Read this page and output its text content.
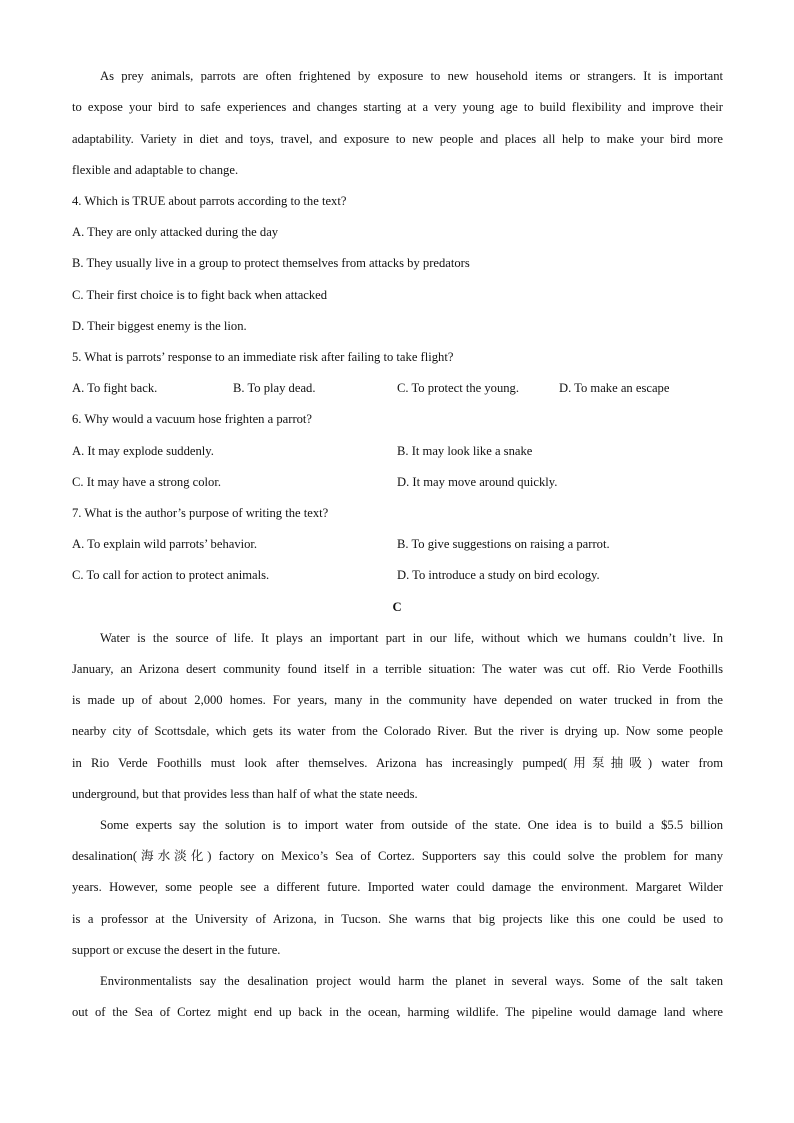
As prey animals, parrots are often frightened by exposure to new household items or strangers. It is important
to expose your bird to safe experiences and changes starting at a very young age to build flexibility and improve their
adaptability. Variety in diet and toys, travel, and exposure to new people and places all help to make your bird more
flexible and adaptable to change.
4. Which is TRUE about parrots according to the text?
A. They are only attacked during the day
B. They usually live in a group to protect themselves from attacks by predators
C. Their first choice is to fight back when attacked
D. Their biggest enemy is the lion.
5. What is parrots’ response to an immediate risk after failing to take flight?
A. To fight back.	B. To play dead.	C. To protect the young.	D. To make an escape
6. Why would a vacuum hose frighten a parrot?
A. It may explode suddenly.	B. It may look like a snake
C. It may have a strong color.	D. It may move around quickly.
7. What is the author’s purpose of writing the text?
A. To explain wild parrots’ behavior.	B. To give suggestions on raising a parrot.
C. To call for action to protect animals.	D. To introduce a study on bird ecology.
C
Water is the source of life. It plays an important part in our life, without which we humans couldn’t live. In
January, an Arizona desert community found itself in a terrible situation: The water was cut off. Rio Verde Foothills
is made up of about 2,000 homes. For years, many in the community have depended on water trucked in from the
nearby city of Scottsdale, which gets its water from the Colorado River. But the river is drying up. Now some people
in Rio Verde Foothills must look after themselves. Arizona has increasingly pumped(用泵抽吸) water from
underground, but that provides less than half of what the state needs.
Some experts say the solution is to import water from outside of the state. One idea is to build a $5.5 billion
desalination(海水淡化) factory on Mexico’s Sea of Cortez. Supporters say this could solve the problem for many
years. However, some people see a different future. Imported water could damage the environment. Margaret Wilder
is a professor at the University of Arizona, in Tucson. She warns that big projects like this one could be used to
support or excuse the desert in the future.
Environmentalists say the desalination project would harm the planet in several ways. Some of the salt taken
out of the Sea of Cortez might end up back in the ocean, harming wildlife. The pipeline would damage land where
